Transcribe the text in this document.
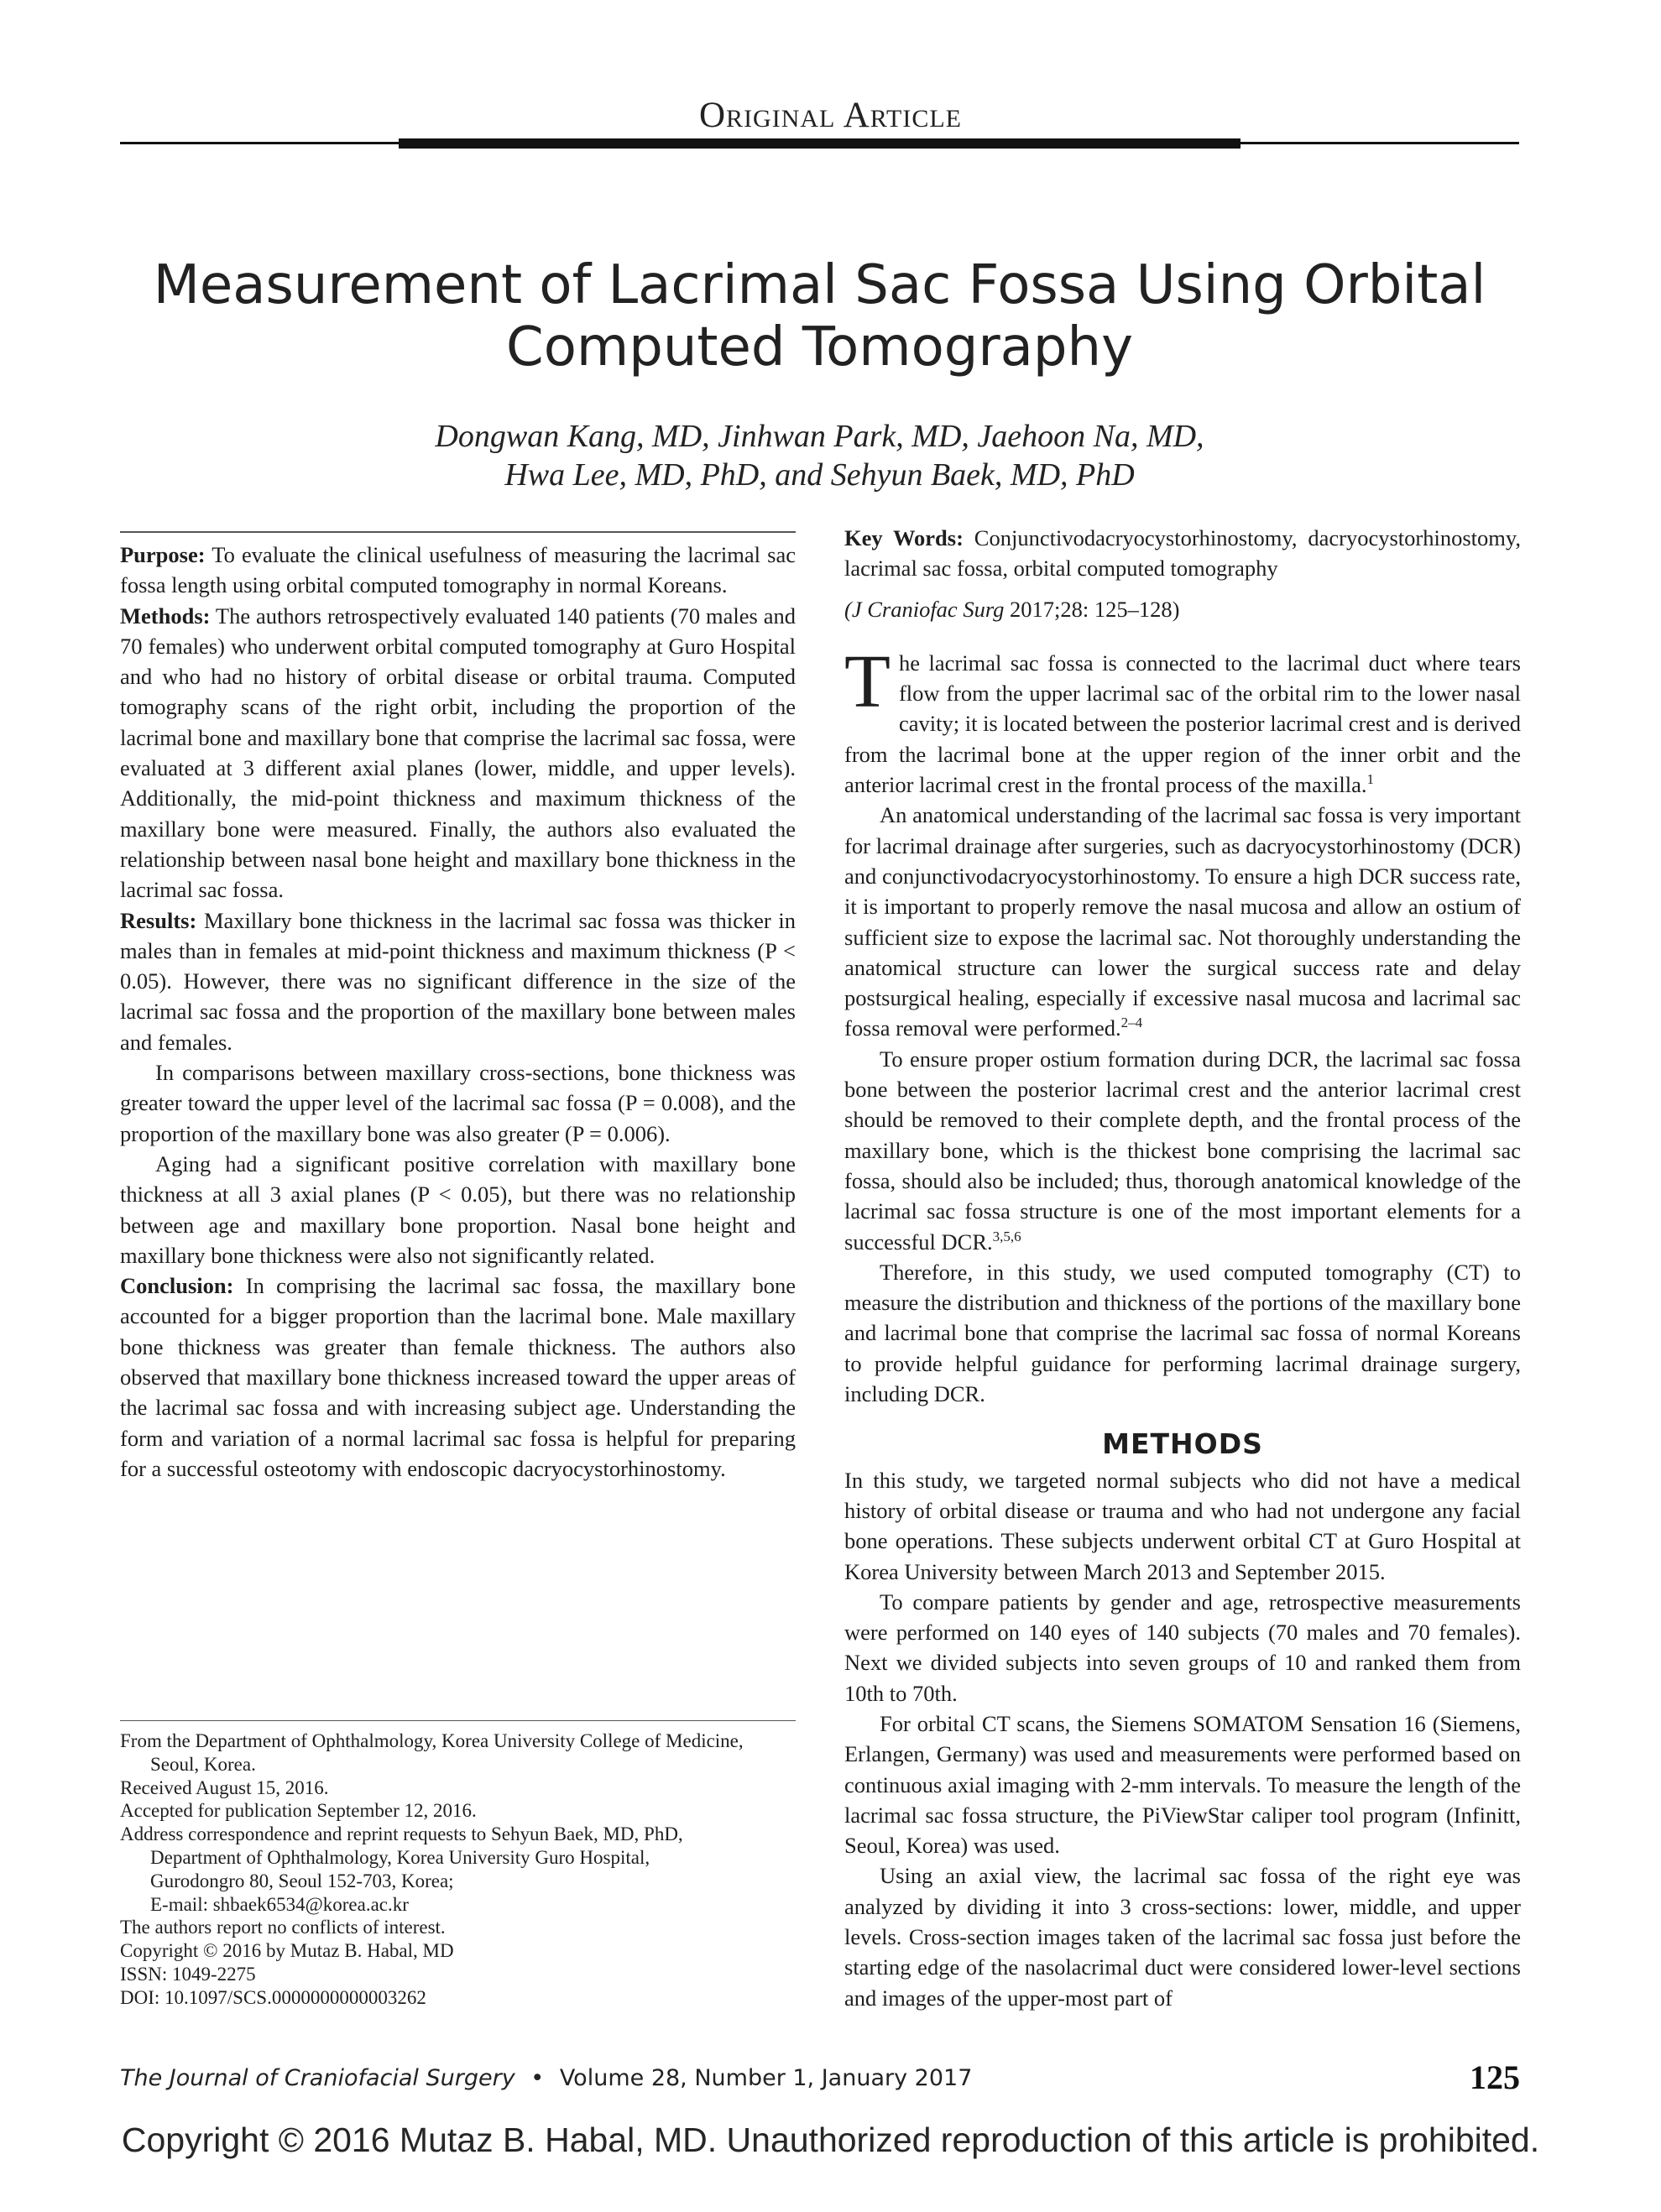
Original Article
Measurement of Lacrimal Sac Fossa Using Orbital Computed Tomography
Dongwan Kang, MD, Jinhwan Park, MD, Jaehoon Na, MD,
Hwa Lee, MD, PhD, and Sehyun Baek, MD, PhD

Purpose: To evaluate the clinical usefulness of measuring the lacrimal sac fossa length using orbital computed tomography in normal Koreans.

Methods: The authors retrospectively evaluated 140 patients (70 males and 70 females) who underwent orbital computed tomography at Guro Hospital and who had no history of orbital disease or orbital trauma. Computed tomography scans of the right orbit, including the proportion of the lacrimal bone and maxillary bone that comprise the lacrimal sac fossa, were evaluated at 3 different axial planes (lower, middle, and upper levels). Additionally, the mid-point thickness and maximum thickness of the maxillary bone were measured. Finally, the authors also evaluated the relationship between nasal bone height and maxillary bone thickness in the lacrimal sac fossa.

Results: Maxillary bone thickness in the lacrimal sac fossa was thicker in males than in females at mid-point thickness and maximum thickness (P < 0.05). However, there was no significant difference in the size of the lacrimal sac fossa and the proportion of the maxillary bone between males and females.

In comparisons between maxillary cross-sections, bone thickness was greater toward the upper level of the lacrimal sac fossa (P = 0.008), and the proportion of the maxillary bone was also greater (P = 0.006).

Aging had a significant positive correlation with maxillary bone thickness at all 3 axial planes (P < 0.05), but there was no relationship between age and maxillary bone proportion. Nasal bone height and maxillary bone thickness were also not significantly related.

Conclusion: In comprising the lacrimal sac fossa, the maxillary bone accounted for a bigger proportion than the lacrimal bone. Male maxillary bone thickness was greater than female thickness. The authors also observed that maxillary bone thickness increased toward the upper areas of the lacrimal sac fossa and with increasing subject age. Understanding the form and variation of a normal lacrimal sac fossa is helpful for preparing for a successful osteotomy with endoscopic dacryocystorhinostomy.

From the Department of Ophthalmology, Korea University College of Medicine, Seoul, Korea.

Received August 15, 2016.

Accepted for publication September 12, 2016.

Address correspondence and reprint requests to Sehyun Baek, MD, PhD,
Department of Ophthalmology, Korea University Guro Hospital,
Gurodongro 80, Seoul 152-703, Korea;
E-mail: shbaek6534@korea.ac.kr

The authors report no conflicts of interest.

Copyright © 2016 by Mutaz B. Habal, MD

ISSN: 1049-2275

DOI: 10.1097/SCS.0000000000003262

Key Words: Conjunctivodacryocystorhinostomy, dacryocystorhinostomy, lacrimal sac fossa, orbital computed tomography

(J Craniofac Surg 2017;28: 125–128)

The lacrimal sac fossa is connected to the lacrimal duct where tears flow from the upper lacrimal sac of the orbital rim to the lower nasal cavity; it is located between the posterior lacrimal crest and is derived from the lacrimal bone at the upper region of the inner orbit and the anterior lacrimal crest in the frontal process of the maxilla.$^1$

An anatomical understanding of the lacrimal sac fossa is very important for lacrimal drainage after surgeries, such as dacryocystorhinostomy (DCR) and conjunctivodacryocystorhinostomy. To ensure a high DCR success rate, it is important to properly remove the nasal mucosa and allow an ostium of sufficient size to expose the lacrimal sac. Not thoroughly understanding the anatomical structure can lower the surgical success rate and delay postsurgical healing, especially if excessive nasal mucosa and lacrimal sac fossa removal were performed.$^{2-4}$

To ensure proper ostium formation during DCR, the lacrimal sac fossa bone between the posterior lacrimal crest and the anterior lacrimal crest should be removed to their complete depth, and the frontal process of the maxillary bone, which is the thickest bone comprising the lacrimal sac fossa, should also be included; thus, thorough anatomical knowledge of the lacrimal sac fossa structure is one of the most important elements for a successful DCR.$^{3,5,6}$

Therefore, in this study, we used computed tomography (CT) to measure the distribution and thickness of the portions of the maxillary bone and lacrimal bone that comprise the lacrimal sac fossa of normal Koreans to provide helpful guidance for performing lacrimal drainage surgery, including DCR.

METHODS

In this study, we targeted normal subjects who did not have a medical history of orbital disease or trauma and who had not undergone any facial bone operations. These subjects underwent orbital CT at Guro Hospital at Korea University between March 2013 and September 2015.

To compare patients by gender and age, retrospective measurements were performed on 140 eyes of 140 subjects (70 males and 70 females). Next we divided subjects into seven groups of 10 and ranked them from 10th to 70th.

For orbital CT scans, the Siemens SOMATOM Sensation 16 (Siemens, Erlangen, Germany) was used and measurements were performed based on continuous axial imaging with 2-mm intervals. To measure the length of the lacrimal sac fossa structure, the PiViewStar caliper tool program (Infinitt, Seoul, Korea) was used.

Using an axial view, the lacrimal sac fossa of the right eye was analyzed by dividing it into 3 cross-sections: lower, middle, and upper levels. Cross-section images taken of the lacrimal sac fossa just before the starting edge of the nasolacrimal duct were considered lower-level sections and images of the upper-most part of

The Journal of Craniofacial Surgery • Volume 28, Number 1, January 2017	125
Copyright © 2016 Mutaz B. Habal, MD. Unauthorized reproduction of this article is prohibited.
